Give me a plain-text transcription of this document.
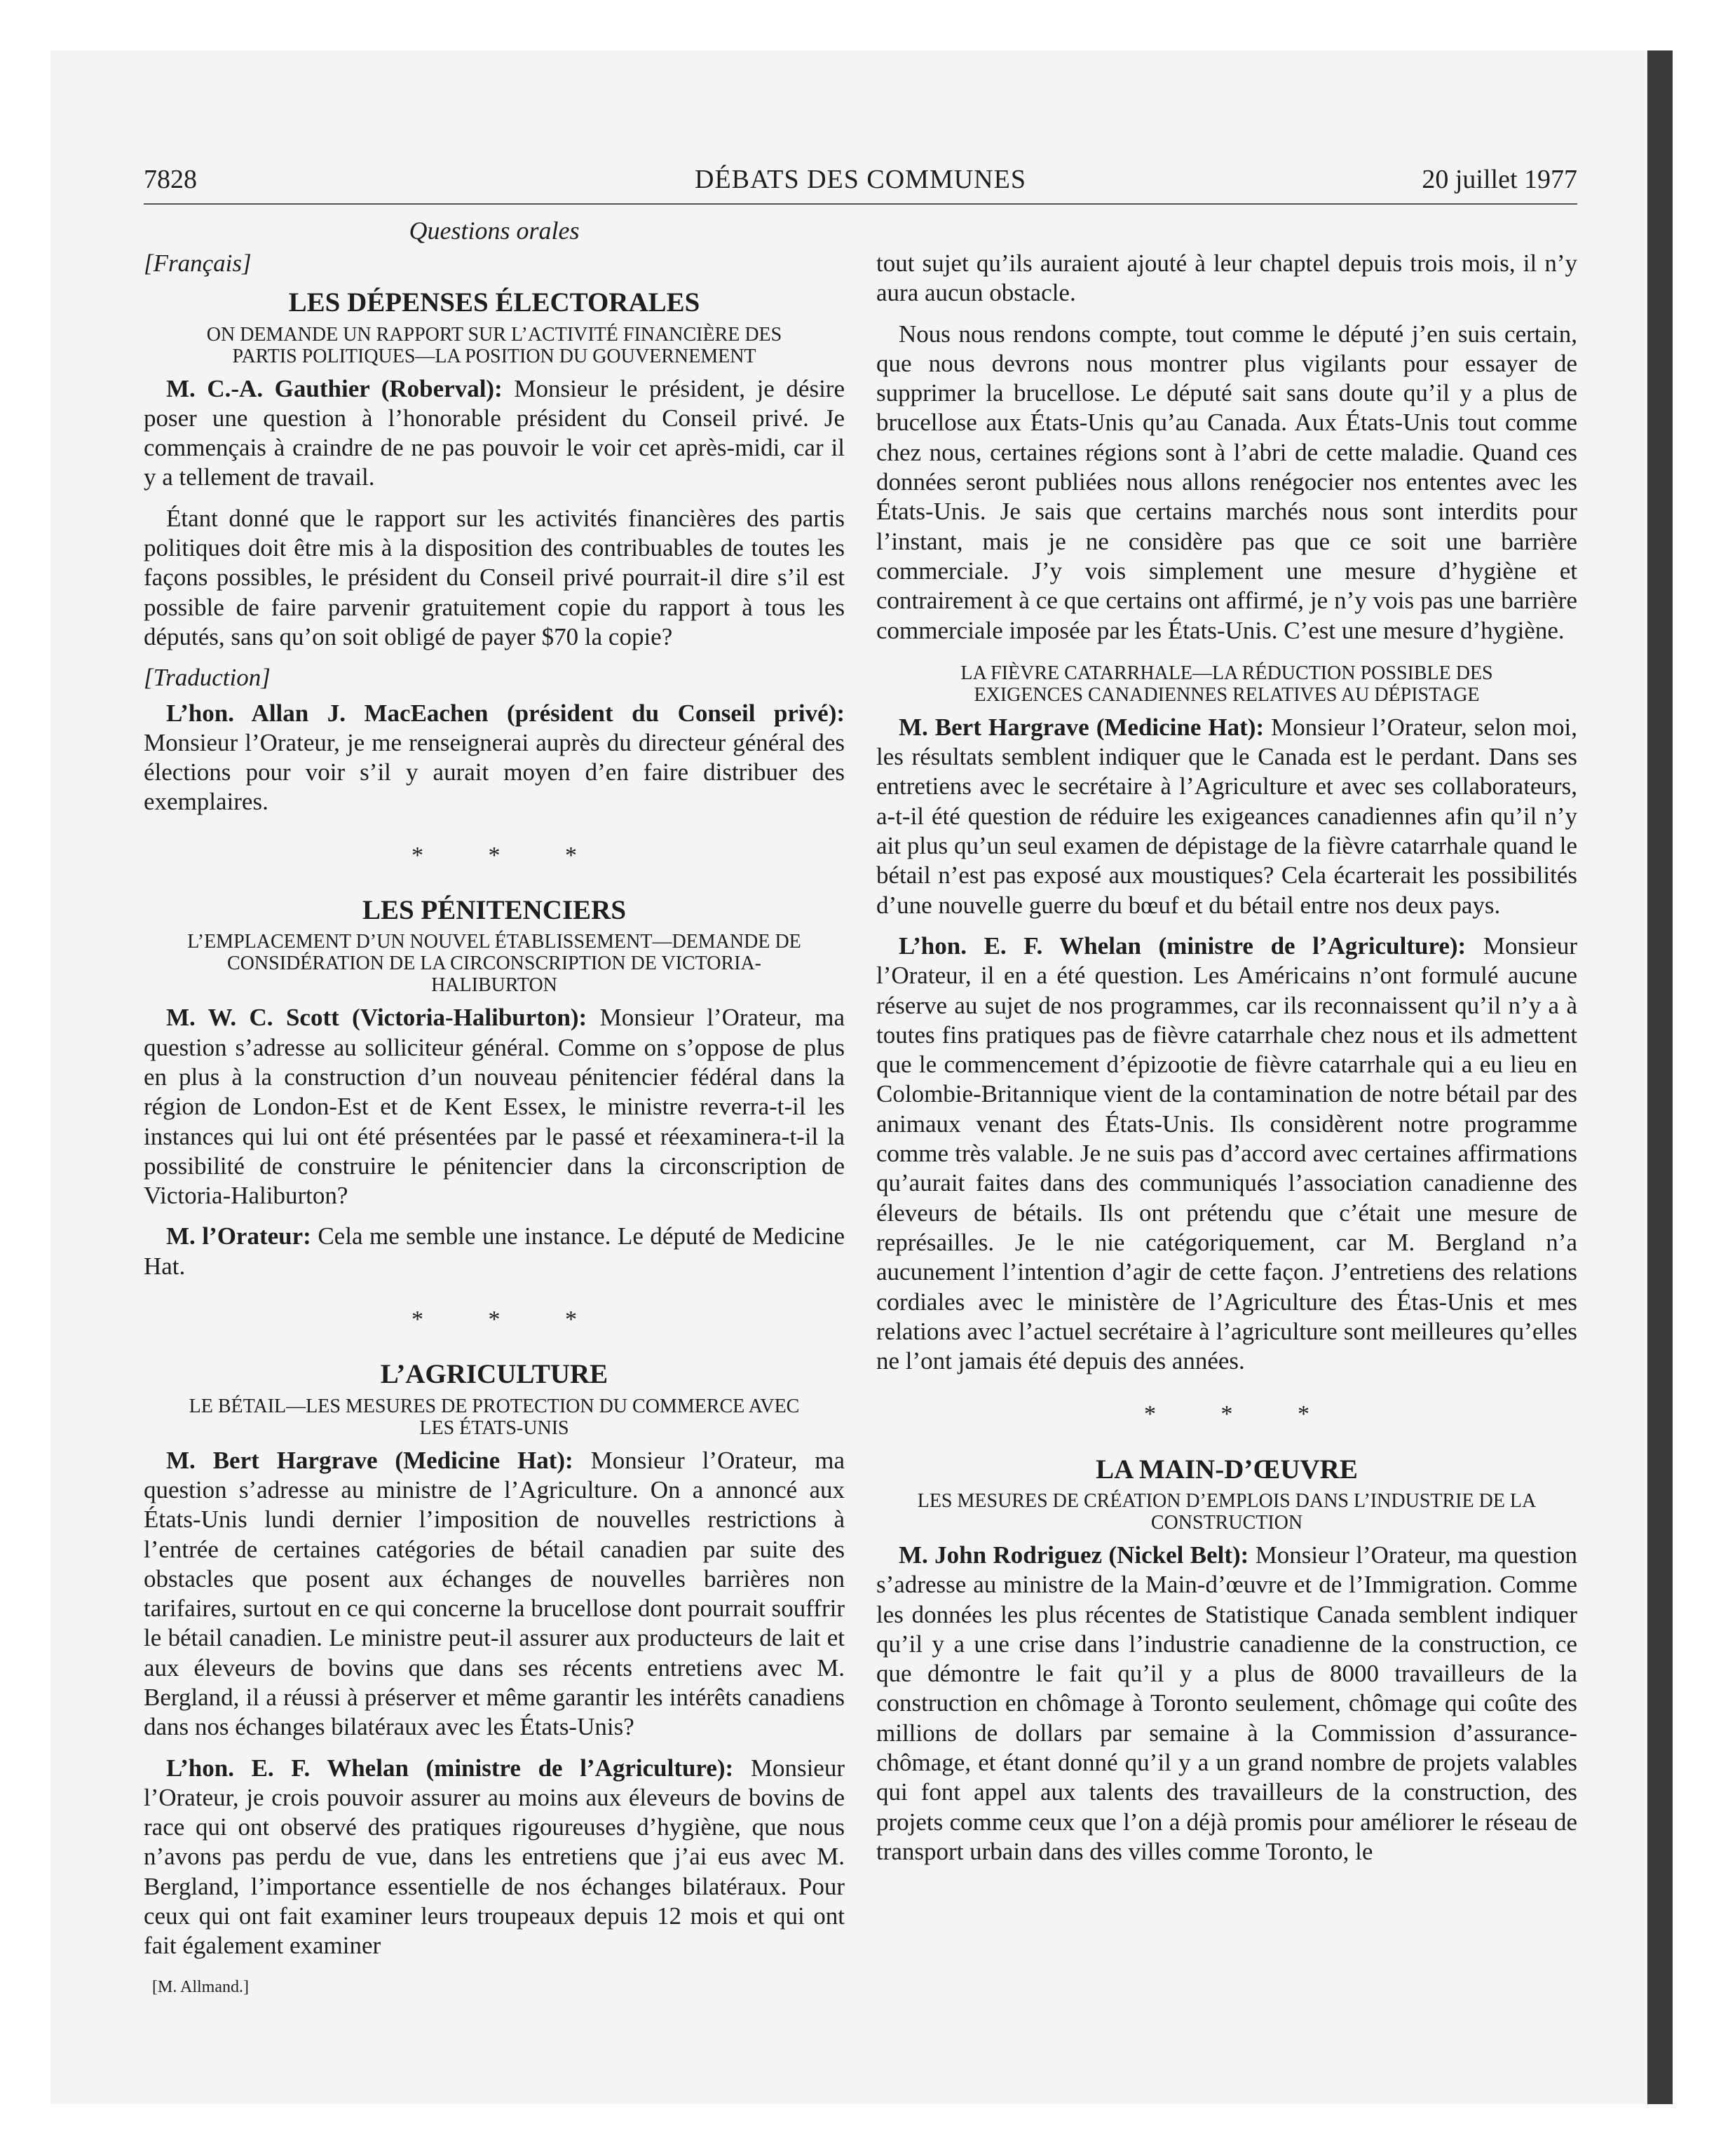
7828	DÉBATS DES COMMUNES	20 juillet 1977
Questions orales
[Français]
LES DÉPENSES ÉLECTORALES
ON DEMANDE UN RAPPORT SUR L’ACTIVITÉ FINANCIÈRE DES PARTIS POLITIQUES—LA POSITION DU GOUVERNEMENT

M. C.-A. Gauthier (Roberval): Monsieur le président, je désire poser une question à l’honorable président du Conseil privé. Je commençais à craindre de ne pas pouvoir le voir cet après-midi, car il y a tellement de travail.

Étant donné que le rapport sur les activités financières des partis politiques doit être mis à la disposition des contribuables de toutes les façons possibles, le président du Conseil privé pourrait-il dire s’il est possible de faire parvenir gratuitement copie du rapport à tous les députés, sans qu’on soit obligé de payer $70 la copie?

[Traduction]

L’hon. Allan J. MacEachen (président du Conseil privé): Monsieur l’Orateur, je me renseignerai auprès du directeur général des élections pour voir s’il y aurait moyen d’en faire distribuer des exemplaires.

* * *
LES PÉNITENCIERS
L’EMPLACEMENT D’UN NOUVEL ÉTABLISSEMENT—DEMANDE DE CONSIDÉRATION DE LA CIRCONSCRIPTION DE VICTORIA-HALIBURTON

M. W. C. Scott (Victoria-Haliburton): Monsieur l’Orateur, ma question s’adresse au solliciteur général. Comme on s’oppose de plus en plus à la construction d’un nouveau pénitencier fédéral dans la région de London-Est et de Kent Essex, le ministre reverra-t-il les instances qui lui ont été présentées par le passé et réexaminera-t-il la possibilité de construire le pénitencier dans la circonscription de Victoria-Haliburton?

M. l’Orateur: Cela me semble une instance. Le député de Medicine Hat.

* * *
L’AGRICULTURE
LE BÉTAIL—LES MESURES DE PROTECTION DU COMMERCE AVEC LES ÉTATS-UNIS

M. Bert Hargrave (Medicine Hat): Monsieur l’Orateur, ma question s’adresse au ministre de l’Agriculture. On a annoncé aux États-Unis lundi dernier l’imposition de nouvelles restrictions à l’entrée de certaines catégories de bétail canadien par suite des obstacles que posent aux échanges de nouvelles barrières non tarifaires, surtout en ce qui concerne la brucellose dont pourrait souffrir le bétail canadien. Le ministre peut-il assurer aux producteurs de lait et aux éleveurs de bovins que dans ses récents entretiens avec M. Bergland, il a réussi à préserver et même garantir les intérêts canadiens dans nos échanges bilatéraux avec les États-Unis?

L’hon. E. F. Whelan (ministre de l’Agriculture): Monsieur l’Orateur, je crois pouvoir assurer au moins aux éleveurs de bovins de race qui ont observé des pratiques rigoureuses d’hygiène, que nous n’avons pas perdu de vue, dans les entretiens que j’ai eus avec M. Bergland, l’importance essentielle de nos échanges bilatéraux. Pour ceux qui ont fait examiner leurs troupeaux depuis 12 mois et qui ont fait également examiner

[M. Allmand.]

tout sujet qu’ils auraient ajouté à leur chaptel depuis trois mois, il n’y aura aucun obstacle.

Nous nous rendons compte, tout comme le député j’en suis certain, que nous devrons nous montrer plus vigilants pour essayer de supprimer la brucellose. Le député sait sans doute qu’il y a plus de brucellose aux États-Unis qu’au Canada. Aux États-Unis tout comme chez nous, certaines régions sont à l’abri de cette maladie. Quand ces données seront publiées nous allons renégocier nos ententes avec les États-Unis. Je sais que certains marchés nous sont interdits pour l’instant, mais je ne considère pas que ce soit une barrière commerciale. J’y vois simplement une mesure d’hygiène et contrairement à ce que certains ont affirmé, je n’y vois pas une barrière commerciale imposée par les États-Unis. C’est une mesure d’hygiène.

LA FIÈVRE CATARRHALE—LA RÉDUCTION POSSIBLE DES EXIGENCES CANADIENNES RELATIVES AU DÉPISTAGE

M. Bert Hargrave (Medicine Hat): Monsieur l’Orateur, selon moi, les résultats semblent indiquer que le Canada est le perdant. Dans ses entretiens avec le secrétaire à l’Agriculture et avec ses collaborateurs, a-t-il été question de réduire les exigeances canadiennes afin qu’il n’y ait plus qu’un seul examen de dépistage de la fièvre catarrhale quand le bétail n’est pas exposé aux moustiques? Cela écarterait les possibilités d’une nouvelle guerre du bœuf et du bétail entre nos deux pays.

L’hon. E. F. Whelan (ministre de l’Agriculture): Monsieur l’Orateur, il en a été question. Les Américains n’ont formulé aucune réserve au sujet de nos programmes, car ils reconnaissent qu’il n’y a à toutes fins pratiques pas de fièvre catarrhale chez nous et ils admettent que le commencement d’épizootie de fièvre catarrhale qui a eu lieu en Colombie-Britannique vient de la contamination de notre bétail par des animaux venant des États-Unis. Ils considèrent notre programme comme très valable. Je ne suis pas d’accord avec certaines affirmations qu’aurait faites dans des communiqués l’association canadienne des éleveurs de bétails. Ils ont prétendu que c’était une mesure de représailles. Je le nie catégoriquement, car M. Bergland n’a aucunement l’intention d’agir de cette façon. J’entretiens des relations cordiales avec le ministère de l’Agriculture des Étas-Unis et mes relations avec l’actuel secrétaire à l’agriculture sont meilleures qu’elles ne l’ont jamais été depuis des années.

* * *
LA MAIN-D’ŒUVRE
LES MESURES DE CRÉATION D’EMPLOIS DANS L’INDUSTRIE DE LA CONSTRUCTION

M. John Rodriguez (Nickel Belt): Monsieur l’Orateur, ma question s’adresse au ministre de la Main-d’œuvre et de l’Immigration. Comme les données les plus récentes de Statistique Canada semblent indiquer qu’il y a une crise dans l’industrie canadienne de la construction, ce que démontre le fait qu’il y a plus de 8000 travailleurs de la construction en chômage à Toronto seulement, chômage qui coûte des millions de dollars par semaine à la Commission d’assurance-chômage, et étant donné qu’il y a un grand nombre de projets valables qui font appel aux talents des travailleurs de la construction, des projets comme ceux que l’on a déjà promis pour améliorer le réseau de transport urbain dans des villes comme Toronto, le
